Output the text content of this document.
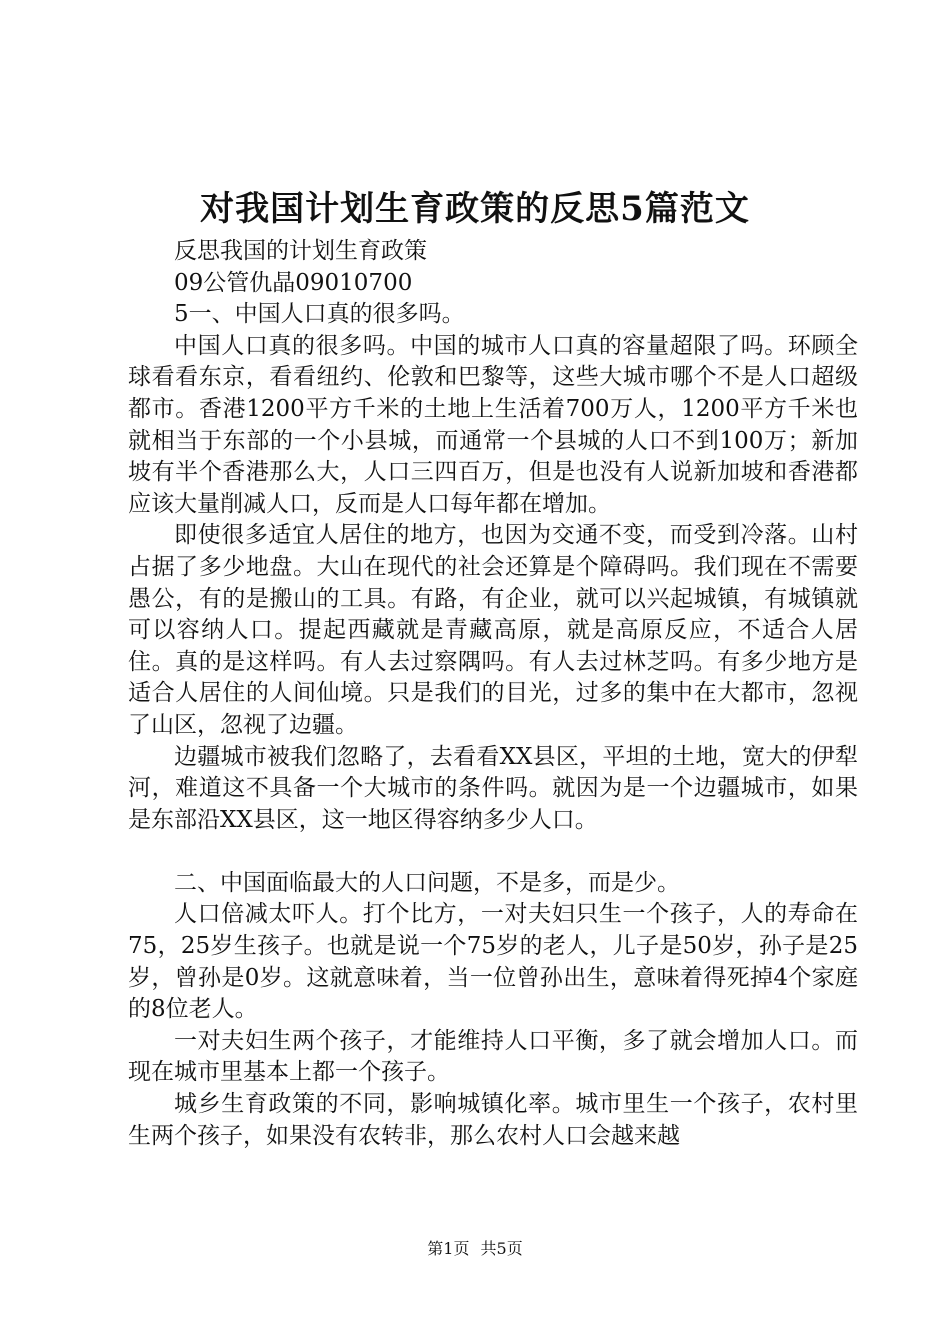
对我国计划生育政策的反思5篇范文

反思我国的计划生育政策

09公管仇晶09010700

5一、中国人口真的很多吗。

中国人口真的很多吗。中国的城市人口真的容量超限了吗。环顾全球看看东京，看看纽约、伦敦和巴黎等，这些大城市哪个不是人口超级都市。香港1200平方千米的土地上生活着700万人，1200平方千米也就相当于东部的一个小县城，而通常一个县城的人口不到100万；新加坡有半个香港那么大，人口三四百万，但是也没有人说新加坡和香港都应该大量削减人口，反而是人口每年都在增加。

即使很多适宜人居住的地方，也因为交通不变，而受到冷落。山村占据了多少地盘。大山在现代的社会还算是个障碍吗。我们现在不需要愚公，有的是搬山的工具。有路，有企业，就可以兴起城镇，有城镇就可以容纳人口。提起西藏就是青藏高原，就是高原反应，不适合人居住。真的是这样吗。有人去过察隅吗。有人去过林芝吗。有多少地方是适合人居住的人间仙境。只是我们的目光，过多的集中在大都市，忽视了山区，忽视了边疆。

边疆城市被我们忽略了，去看看XX县区，平坦的土地，宽大的伊犁河，难道这不具备一个大城市的条件吗。就因为是一个边疆城市，如果是东部沿XX县区，这一地区得容纳多少人口。

二、中国面临最大的人口问题，不是多，而是少。

人口倍减太吓人。打个比方，一对夫妇只生一个孩子，人的寿命在75，25岁生孩子。也就是说一个75岁的老人，儿子是50岁，孙子是25岁，曾孙是0岁。这就意味着，当一位曾孙出生，意味着得死掉4个家庭的8位老人。

一对夫妇生两个孩子，才能维持人口平衡，多了就会增加人口。而现在城市里基本上都一个孩子。

城乡生育政策的不同，影响城镇化率。城市里生一个孩子，农村里生两个孩子，如果没有农转非，那么农村人口会越来越

第1页 共5页
